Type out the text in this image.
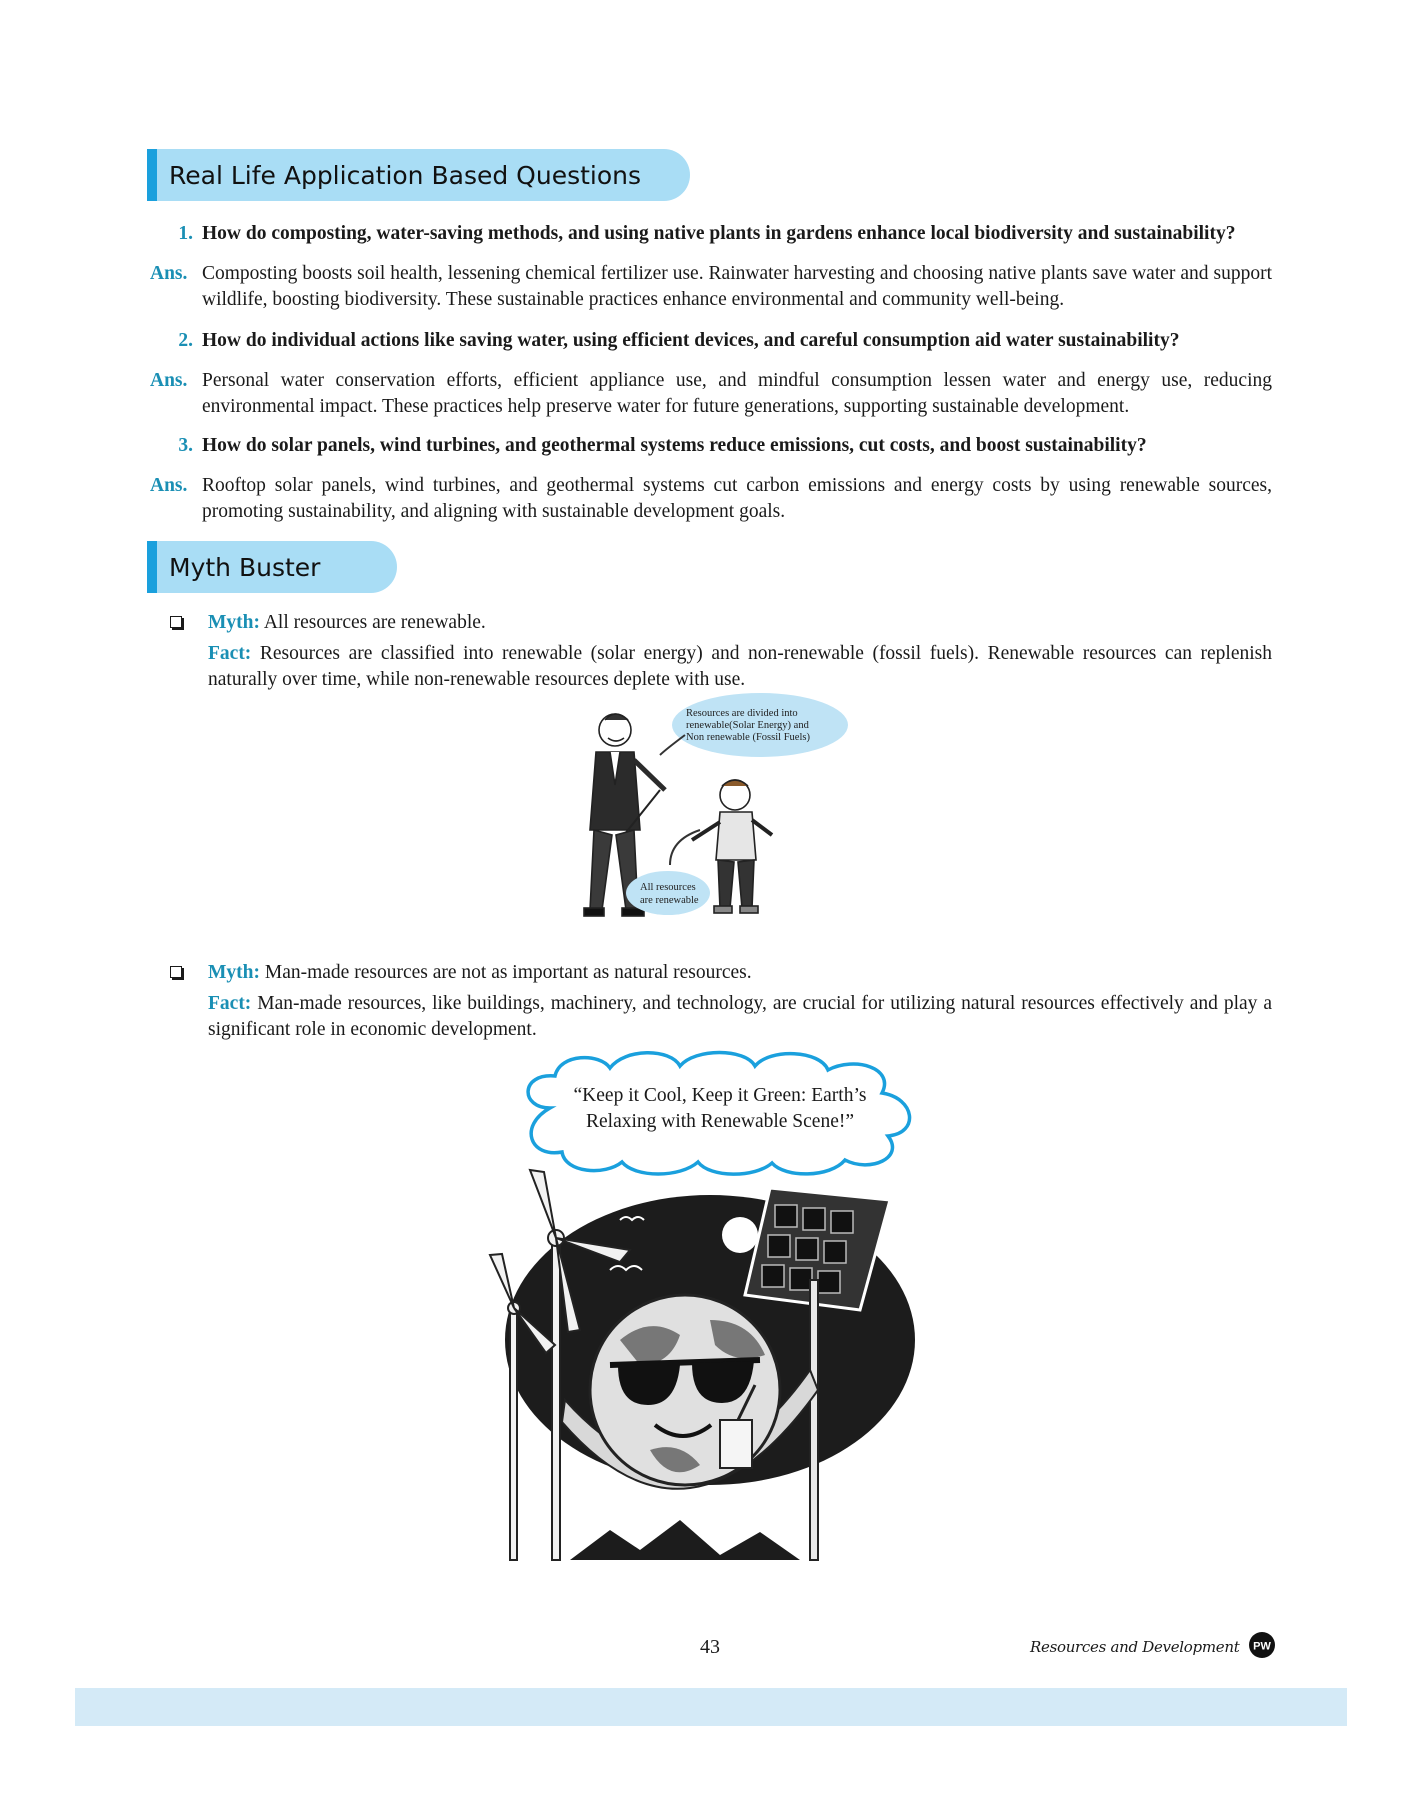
Real Life Application Based Questions
1. How do composting, water-saving methods, and using native plants in gardens enhance local biodiversity and sustainability?
Ans. Composting boosts soil health, lessening chemical fertilizer use. Rainwater harvesting and choosing native plants save water and support wildlife, boosting biodiversity. These sustainable practices enhance environmental and community well-being.
2. How do individual actions like saving water, using efficient devices, and careful consumption aid water sustainability?
Ans. Personal water conservation efforts, efficient appliance use, and mindful consumption lessen water and energy use, reducing environmental impact. These practices help preserve water for future generations, supporting sustainable development.
3. How do solar panels, wind turbines, and geothermal systems reduce emissions, cut costs, and boost sustainability?
Ans. Rooftop solar panels, wind turbines, and geothermal systems cut carbon emissions and energy costs by using renewable sources, promoting sustainability, and aligning with sustainable development goals.
Myth Buster
Myth: All resources are renewable.
Fact: Resources are classified into renewable (solar energy) and non-renewable (fossil fuels). Renewable resources can replenish naturally over time, while non-renewable resources deplete with use.
Resources are divided into
renewable(Solar Energy) and
Non renewable (Fossil Fuels)
All resources
are renewable
Myth: Man-made resources are not as important as natural resources.
Fact: Man-made resources, like buildings, machinery, and technology, are crucial for utilizing natural resources effectively and play a significant role in economic development.
“Keep it Cool, Keep it Green: Earth’s Relaxing with Renewable Scene!”
43	Resources and Development PW
